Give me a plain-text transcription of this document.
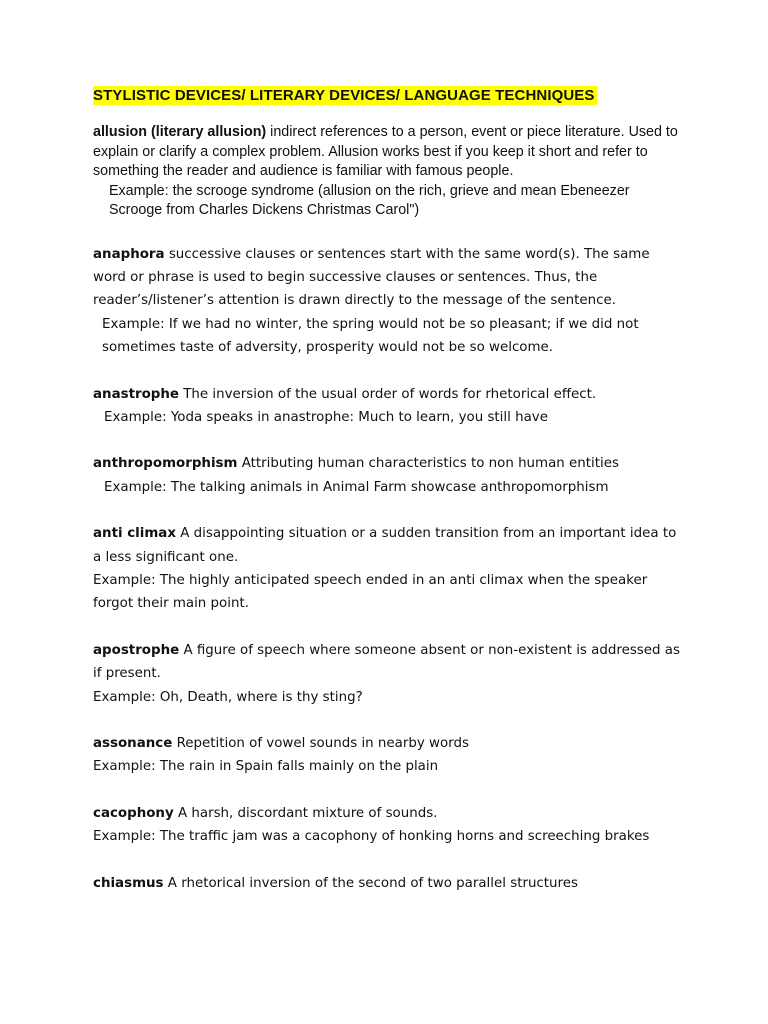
STYLISTIC DEVICES/ LITERARY DEVICES/ LANGUAGE TECHNIQUES

allusion (literary allusion) indirect references to a person, event or piece literature. Used to explain or clarify a complex problem. Allusion works best if you keep it short and refer to something the reader and audience is familiar with famous people.

Example: the scrooge syndrome (allusion on the rich, grieve and mean Ebeneezer Scrooge from Charles Dickens Christmas Carol")

anaphora successive clauses or sentences start with the same word(s). The same word or phrase is used to begin successive clauses or sentences. Thus, the reader’s/listener’s attention is drawn directly to the message of the sentence.

Example: If we had no winter, the spring would not be so pleasant; if we did not sometimes taste of adversity, prosperity would not be so welcome.

anastrophe The inversion of the usual order of words for rhetorical effect.

Example: Yoda speaks in anastrophe: Much to learn, you still have

anthropomorphism Attributing human characteristics to non human entities

Example: The talking animals in Animal Farm showcase anthropomorphism

anti climax A disappointing situation or a sudden transition from an important idea to a less significant one.

Example: The highly anticipated speech ended in an anti climax when the speaker forgot their main point.

apostrophe A figure of speech where someone absent or non-existent is addressed as if present.

Example: Oh, Death, where is thy sting?

assonance Repetition of vowel sounds in nearby words

Example: The rain in Spain falls mainly on the plain

cacophony A harsh, discordant mixture of sounds.

Example: The traffic jam was a cacophony of honking horns and screeching brakes

chiasmus A rhetorical inversion of the second of two parallel structures
